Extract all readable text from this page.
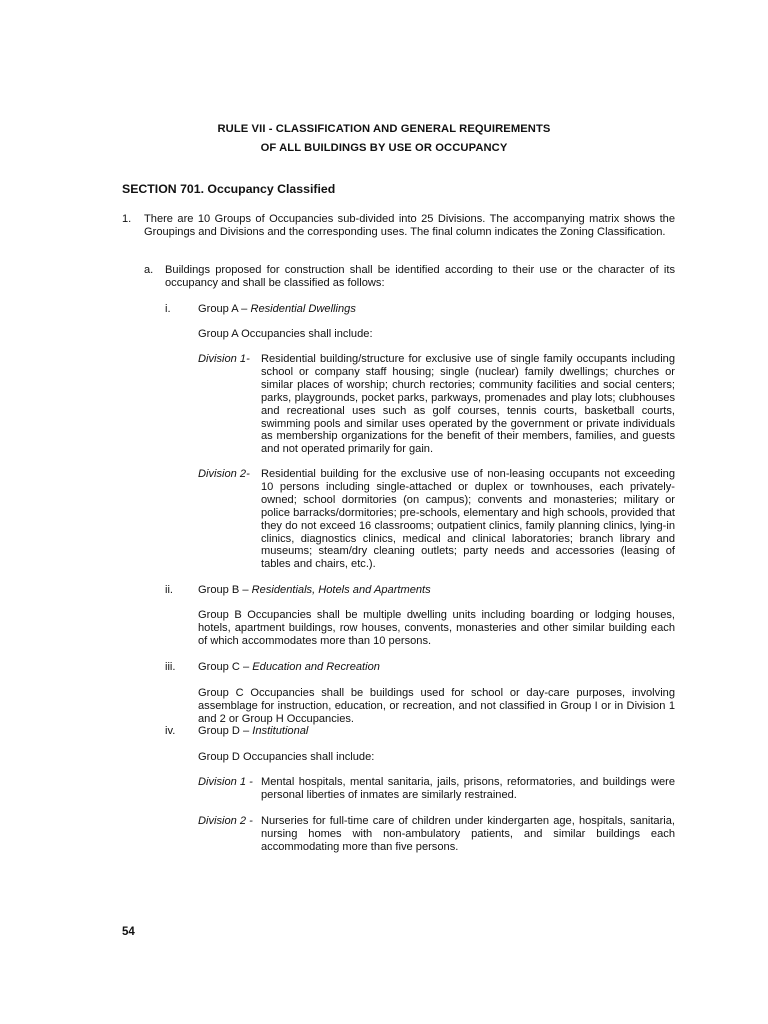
RULE VII - CLASSIFICATION AND GENERAL REQUIREMENTS
OF ALL BUILDINGS BY USE OR OCCUPANCY
SECTION 701. Occupancy Classified
1. There are 10 Groups of Occupancies sub-divided into 25 Divisions. The accompanying matrix shows the Groupings and Divisions and the corresponding uses. The final column indicates the Zoning Classification.
a. Buildings proposed for construction shall be identified according to their use or the character of its occupancy and shall be classified as follows:
i. Group A – Residential Dwellings
Group A Occupancies shall include:
Division 1- Residential building/structure for exclusive use of single family occupants including school or company staff housing; single (nuclear) family dwellings; churches or similar places of worship; church rectories; community facilities and social centers; parks, playgrounds, pocket parks, parkways, promenades and play lots; clubhouses and recreational uses such as golf courses, tennis courts, basketball courts, swimming pools and similar uses operated by the government or private individuals as membership organizations for the benefit of their members, families, and guests and not operated primarily for gain.
Division 2- Residential building for the exclusive use of non-leasing occupants not exceeding 10 persons including single-attached or duplex or townhouses, each privately-owned; school dormitories (on campus); convents and monasteries; military or police barracks/dormitories; pre-schools, elementary and high schools, provided that they do not exceed 16 classrooms; outpatient clinics, family planning clinics, lying-in clinics, diagnostics clinics, medical and clinical laboratories; branch library and museums; steam/dry cleaning outlets; party needs and accessories (leasing of tables and chairs, etc.).
ii. Group B – Residentials, Hotels and Apartments
Group B Occupancies shall be multiple dwelling units including boarding or lodging houses, hotels, apartment buildings, row houses, convents, monasteries and other similar building each of which accommodates more than 10 persons.
iii. Group C – Education and Recreation
Group C Occupancies shall be buildings used for school or day-care purposes, involving assemblage for instruction, education, or recreation, and not classified in Group I or in Division 1 and 2 or Group H Occupancies.
iv. Group D – Institutional
Group D Occupancies shall include:
Division 1 - Mental hospitals, mental sanitaria, jails, prisons, reformatories, and buildings were personal liberties of inmates are similarly restrained.
Division 2 - Nurseries for full-time care of children under kindergarten age, hospitals, sanitaria, nursing homes with non-ambulatory patients, and similar buildings each accommodating more than five persons.
54
